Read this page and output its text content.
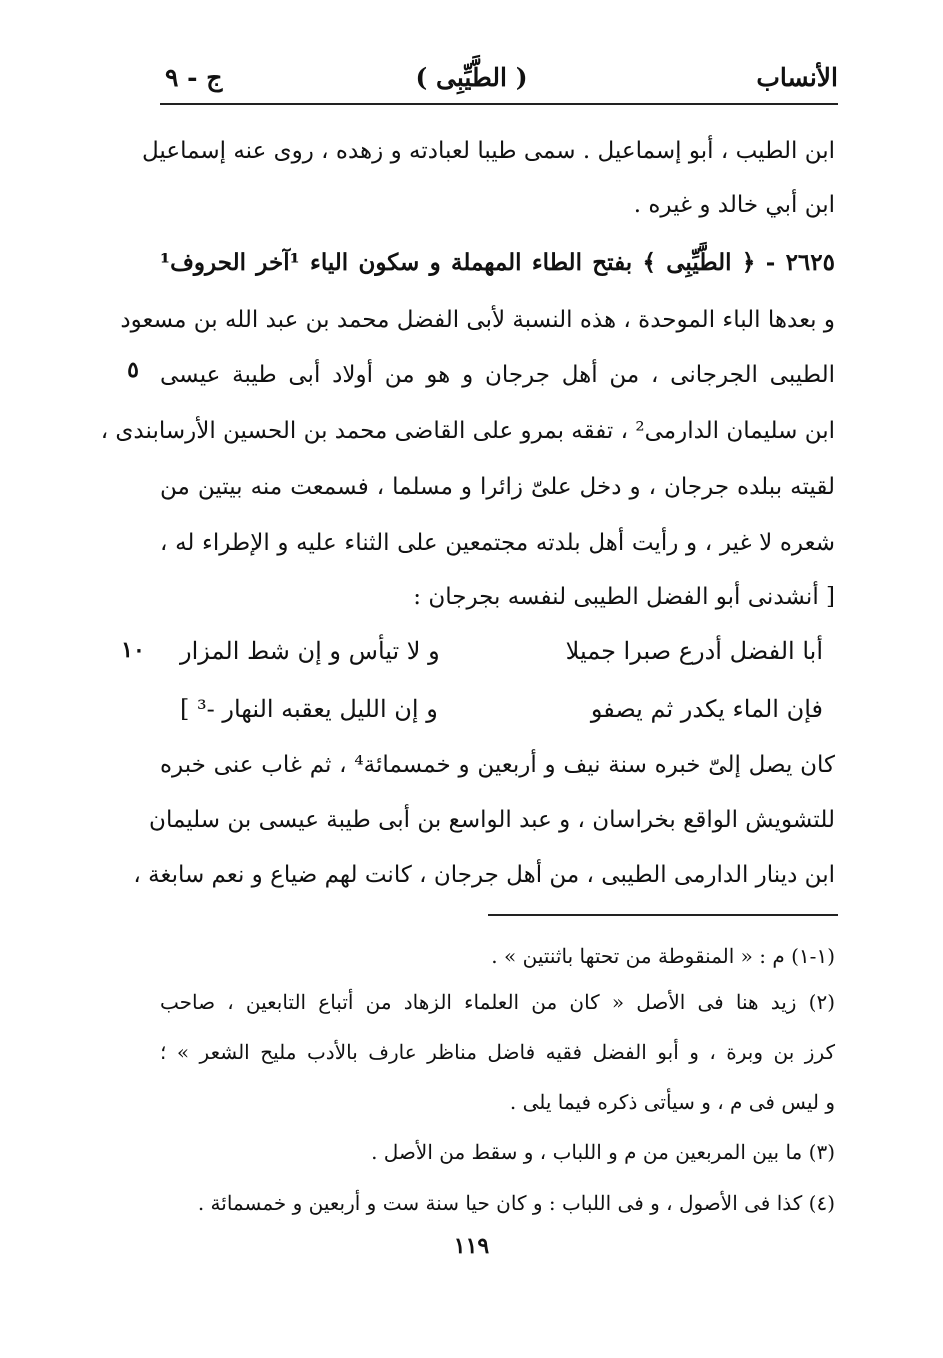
الأنساب
( الطَّيِّبِى )
ج - ٩
ابن الطيب ، أبو إسماعيل . سمى طيبا لعبادته و زهده ، روى عنه إسماعيل
ابن أبي خالد و غيره .
٢٦٢٥ - ﴿ الطَّيِّبِى ﴾ بفتح الطاء المهملة و سكون الياء ¹آخر الحروف¹
و بعدها الباء الموحدة ، هذه النسبة لأبى الفضل محمد بن عبد الله بن مسعود
الطيبى الجرجانى ، من أهل جرجان و هو من أولاد أبى طيبة عيسى
ابن سليمان الدارمى² ، تفقه بمرو على القاضى محمد بن الحسين الأرسابندى ،
لقيته ببلده جرجان ، و دخل علىّ زائرا و مسلما ، فسمعت منه بيتين من
شعره لا غير ، و رأيت أهل بلدته مجتمعين على الثناء عليه و الإطراء له ،
[ أنشدنى أبو الفضل الطيبى لنفسه بجرجان :
٥
أبا الفضل أدرع صبرا جميلا
و لا تيأس و إن شط المزار
١٠
فإن الماء يكدر ثم يصفو
و إن الليل يعقبه النهار -³ ]
كان يصل إلىّ خبره سنة نيف و أربعين و خمسمائة⁴ ، ثم غاب عنى خبره
للتشويش الواقع بخراسان ، و عبد الواسع بن أبى طيبة عيسى بن سليمان
ابن دينار الدارمى الطيبى ، من أهل جرجان ، كانت لهم ضياع و نعم سابغة ،
(١-١) م : « المنقوطة من تحتها باثنتين » .
(٢) زيد هنا فى الأصل « كان من العلماء الزهاد من أتباع التابعين ، صاحب
كرز بن وبرة ، و أبو الفضل فقيه فاضل مناظر عارف بالأدب مليح الشعر » ؛
و ليس فى م ، و سيأتى ذكره فيما يلى .
(٣) ما بين المربعين من م و اللباب ، و سقط من الأصل .
(٤) كذا فى الأصول ، و فى اللباب : و كان حيا سنة ست و أربعين و خمسمائة .
١١٩
